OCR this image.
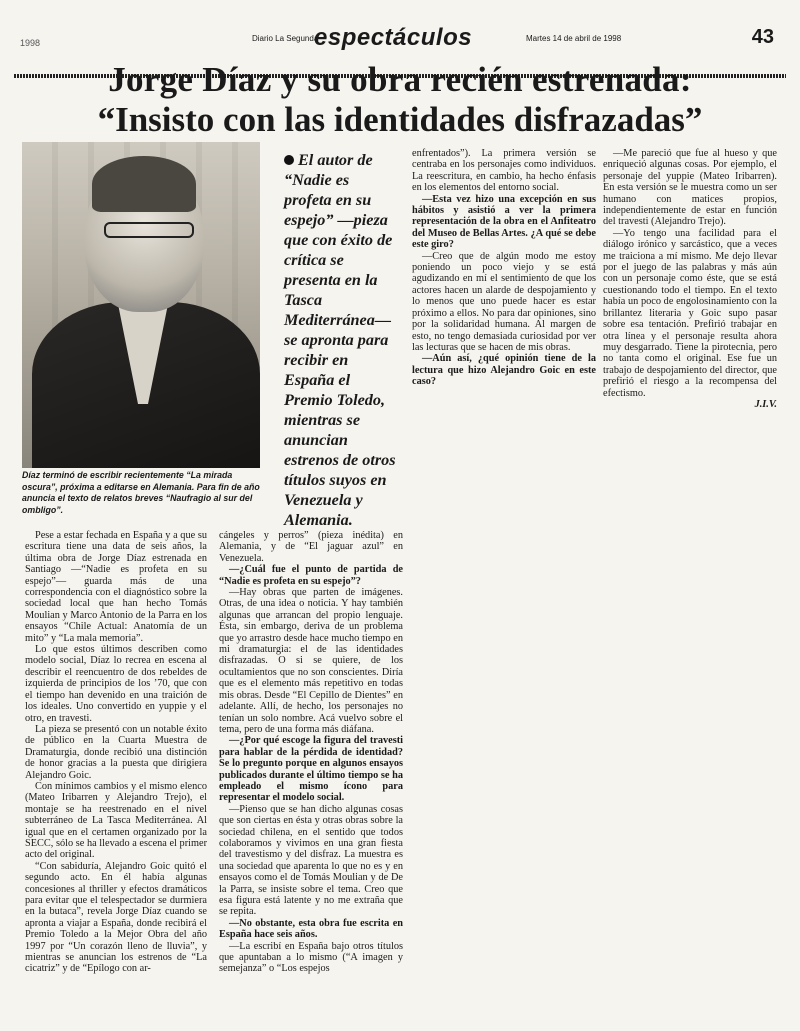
1998	Diario La Segunda
espectáculos	Martes 14 de abril de 1998	43
Jorge Díaz y su obra recién estrenada:
“Insisto con las identidades disfrazadas”
Díaz terminó de escribir recientemente “La mirada oscura”, próxima a editarse en Alemania. Para fin de año anuncia el texto de relatos breves “Naufragio al sur del ombligo”.
El autor de “Nadie es profeta en su espejo” —pieza que con éxito de crítica se presenta en la Tasca Mediterránea— se apronta para recibir en España el Premio Toledo, mientras se anuncian estrenos de otros títulos suyos en Venezuela y Alemania.

Pese a estar fechada en España y a que su escritura tiene una data de seis años, la última obra de Jorge Díaz estrenada en Santiago —“Nadie es profeta en su espejo”— guarda más de una correspondencia con el diagnóstico sobre la sociedad local que han hecho Tomás Moulian y Marco Antonio de la Parra en los ensayos “Chile Actual: Anatomía de un mito” y “La mala memoria”.

Lo que estos últimos describen como modelo social, Díaz lo recrea en escena al describir el reencuentro de dos rebeldes de izquierda de principios de los ’70, que con el tiempo han devenido en una traición de los ideales. Uno convertido en yuppie y el otro, en travesti.

La pieza se presentó con un notable éxito de público en la Cuarta Muestra de Dramaturgia, donde recibió una distinción de honor gracias a la puesta que dirigiera Alejandro Goic.

Con mínimos cambios y el mismo elenco (Mateo Iribarren y Alejandro Trejo), el montaje se ha reestrenado en el nivel subterráneo de La Tasca Mediterránea. Al igual que en el certamen organizado por la SECC, sólo se ha llevado a escena el primer acto del original.

“Con sabiduría, Alejandro Goic quitó el segundo acto. En él había algunas concesiones al thriller y efectos dramáticos para evitar que el telespectador se durmiera en la butaca”, revela Jorge Díaz cuando se apronta a viajar a España, donde recibirá el Premio Toledo a la Mejor Obra del año 1997 por “Un corazón lleno de lluvia”, y mientras se anuncian los estrenos de “La cicatriz” y de “Epílogo con ar-

cángeles y perros” (pieza inédita) en Alemania, y de “El jaguar azul” en Venezuela.

—¿Cuál fue el punto de partida de “Nadie es profeta en su espejo”?

—Hay obras que parten de imágenes. Otras, de una idea o noticia. Y hay también algunas que arrancan del propio lenguaje. Ésta, sin embargo, deriva de un problema que yo arrastro desde hace mucho tiempo en mi dramaturgia: el de las identidades disfrazadas. O si se quiere, de los ocultamientos que no son conscientes. Diría que es el elemento más repetitivo en todas mis obras. Desde “El Cepillo de Dientes” en adelante. Allí, de hecho, los personajes no tenían un solo nombre. Acá vuelvo sobre el tema, pero de una forma más diáfana.

—¿Por qué escoge la figura del travesti para hablar de la pérdida de identidad? Se lo pregunto porque en algunos ensayos publicados durante el último tiempo se ha empleado el mismo ícono para representar el modelo social.

—Pienso que se han dicho algunas cosas que son ciertas en ésta y otras obras sobre la sociedad chilena, en el sentido que todos colaboramos y vivimos en una gran fiesta del travestismo y del disfraz. La muestra es una sociedad que aparenta lo que no es y en ensayos como el de Tomás Moulian y de De la Parra, se insiste sobre el tema. Creo que esa figura está latente y no me extraña que se repita.

—No obstante, esta obra fue escrita en España hace seis años.

—La escribí en España bajo otros títulos que apuntaban a lo mismo (“A imagen y semejanza” o “Los espejos

enfrentados”). La primera versión se centraba en los personajes como individuos. La reescritura, en cambio, ha hecho énfasis en los elementos del entorno social.

—Esta vez hizo una excepción en sus hábitos y asistió a ver la primera representación de la obra en el Anfiteatro del Museo de Bellas Artes. ¿A qué se debe este giro?

—Creo que de algún modo me estoy poniendo un poco viejo y se está agudizando en mí el sentimiento de que los actores hacen un alarde de despojamiento y lo menos que uno puede hacer es estar próximo a ellos. No para dar opiniones, sino por la solidaridad humana. Al margen de esto, no tengo demasiada curiosidad por ver las lecturas que se hacen de mis obras.

—Aún así, ¿qué opinión tiene de la lectura que hizo Alejandro Goic en este caso?

—Me pareció que fue al hueso y que enriqueció algunas cosas. Por ejemplo, el personaje del yuppie (Mateo Iribarren). En esta versión se le muestra como un ser humano con matices propios, independientemente de estar en función del travesti (Alejandro Trejo).

—Yo tengo una facilidad para el diálogo irónico y sarcástico, que a veces me traiciona a mí mismo. Me dejo llevar por el juego de las palabras y más aún con un personaje como éste, que se está cuestionando todo el tiempo. En el texto había un poco de engolosinamiento con la brillantez literaria y Goic supo pasar sobre esa tentación. Prefirió trabajar en otra línea y el personaje resulta ahora muy desgarrado. Tiene la pirotecnia, pero no tanta como el original. Ese fue un trabajo de despojamiento del director, que prefirió el riesgo a la recompensa del efectismo.

J.I.V.
